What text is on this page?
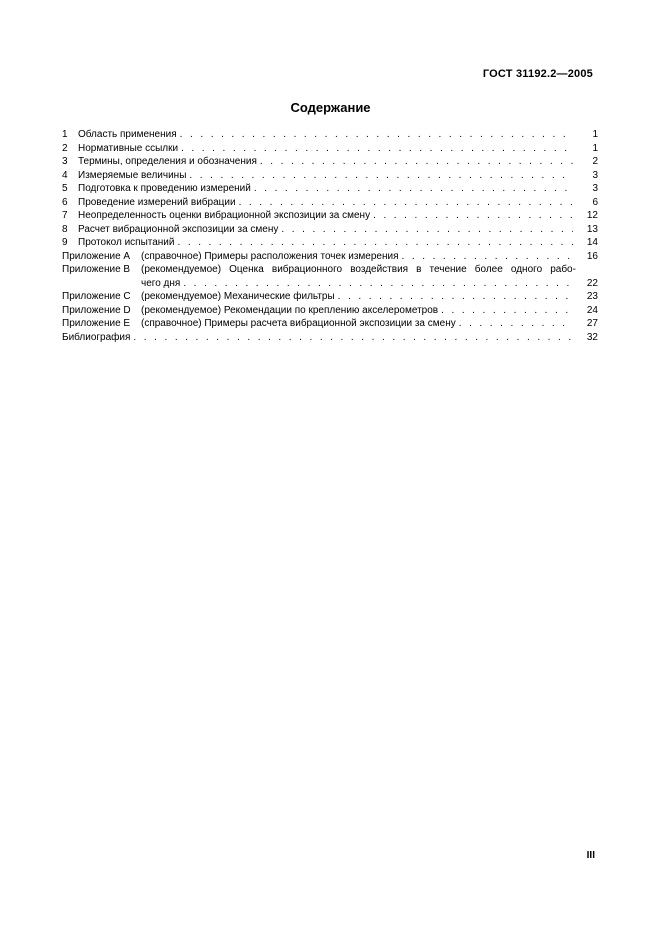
ГОСТ 31192.2—2005
Содержание
1	Область применения . . .	1
2	Нормативные ссылки . . .	1
3	Термины, определения и обозначения . . .	2
4	Измеряемые величины . . .	3
5	Подготовка к проведению измерений . . .	3
6	Проведение измерений вибрации . . .	6
7	Неопределенность оценки вибрационной экспозиции за смену . . .	12
8	Расчет вибрационной экспозиции за смену . . .	13
9	Протокол испытаний . . .	14
Приложение А	(справочное) Примеры расположения точек измерения . . .	16
Приложение В	(рекомендуемое) Оценка вибрационного воздействия в течение более одного рабо-
чего дня . . .	22
Приложение С	(рекомендуемое) Механические фильтры . . .	23
Приложение D	(рекомендуемое) Рекомендации по креплению акселерометров . . .	24
Приложение Е	(справочное) Примеры расчета вибрационной экспозиции за смену . . .	27
Библиография . . .	32
III
